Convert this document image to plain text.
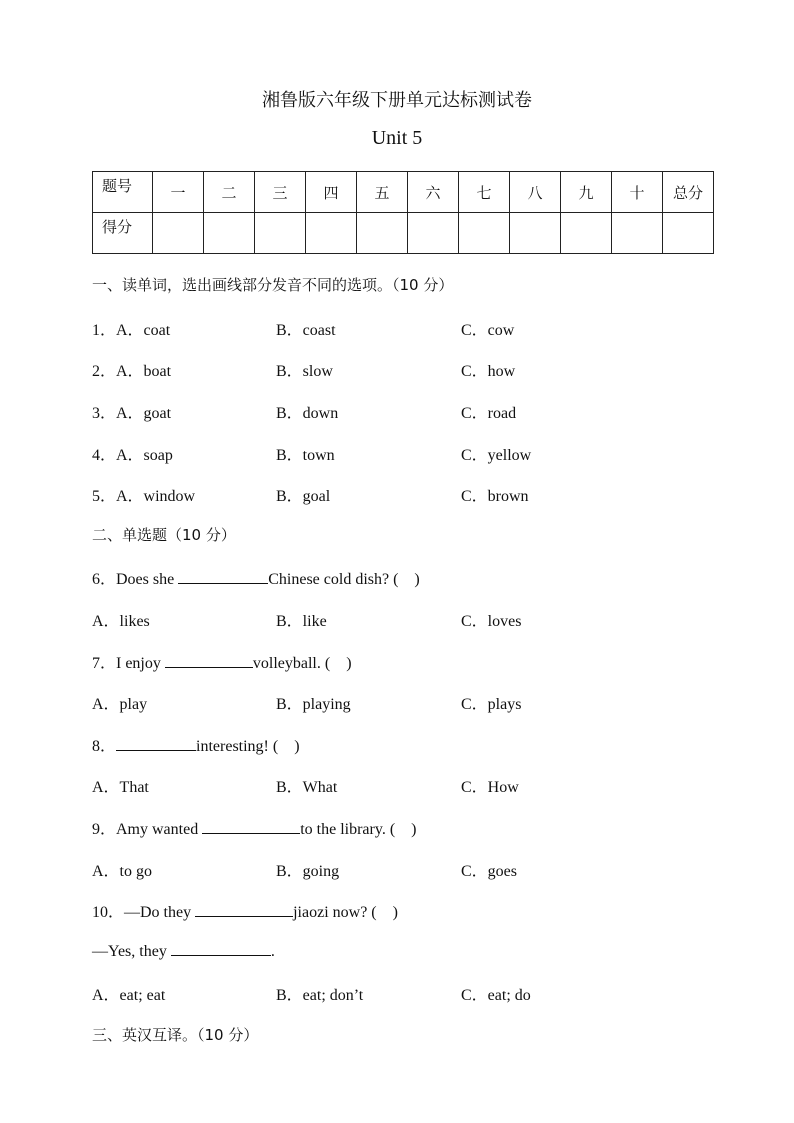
湘鲁版六年级下册单元达标测试卷
Unit 5
题号	一	二	三	四	五	六	七	八	九	十	总分
得分											
一、读单词，选出画线部分发音不同的选项。（10 分）
1．A．coat	B．coast	C．cow
2．A．boat	B．slow	C．how
3．A．goat	B．down	C．road
4．A．soap	B．town	C．yellow
5．A．window	B．goal	C．brown
二、单选题（10 分）
6．Does she	Chinese cold dish? (　)
A．likes	B．like	C．loves
7．I enjoy	volleyball. (　)
A．play	B．playing	C．plays
8．	interesting! (　)
A．That	B．What	C．How
9．Amy wanted	to the library. (　)
A．to go	B．going	C．goes
10．—Do they	jiaozi now? (　)
—Yes, they	.
A．eat; eat	B．eat; don’t	C．eat; do
三、英汉互译。（10 分）
